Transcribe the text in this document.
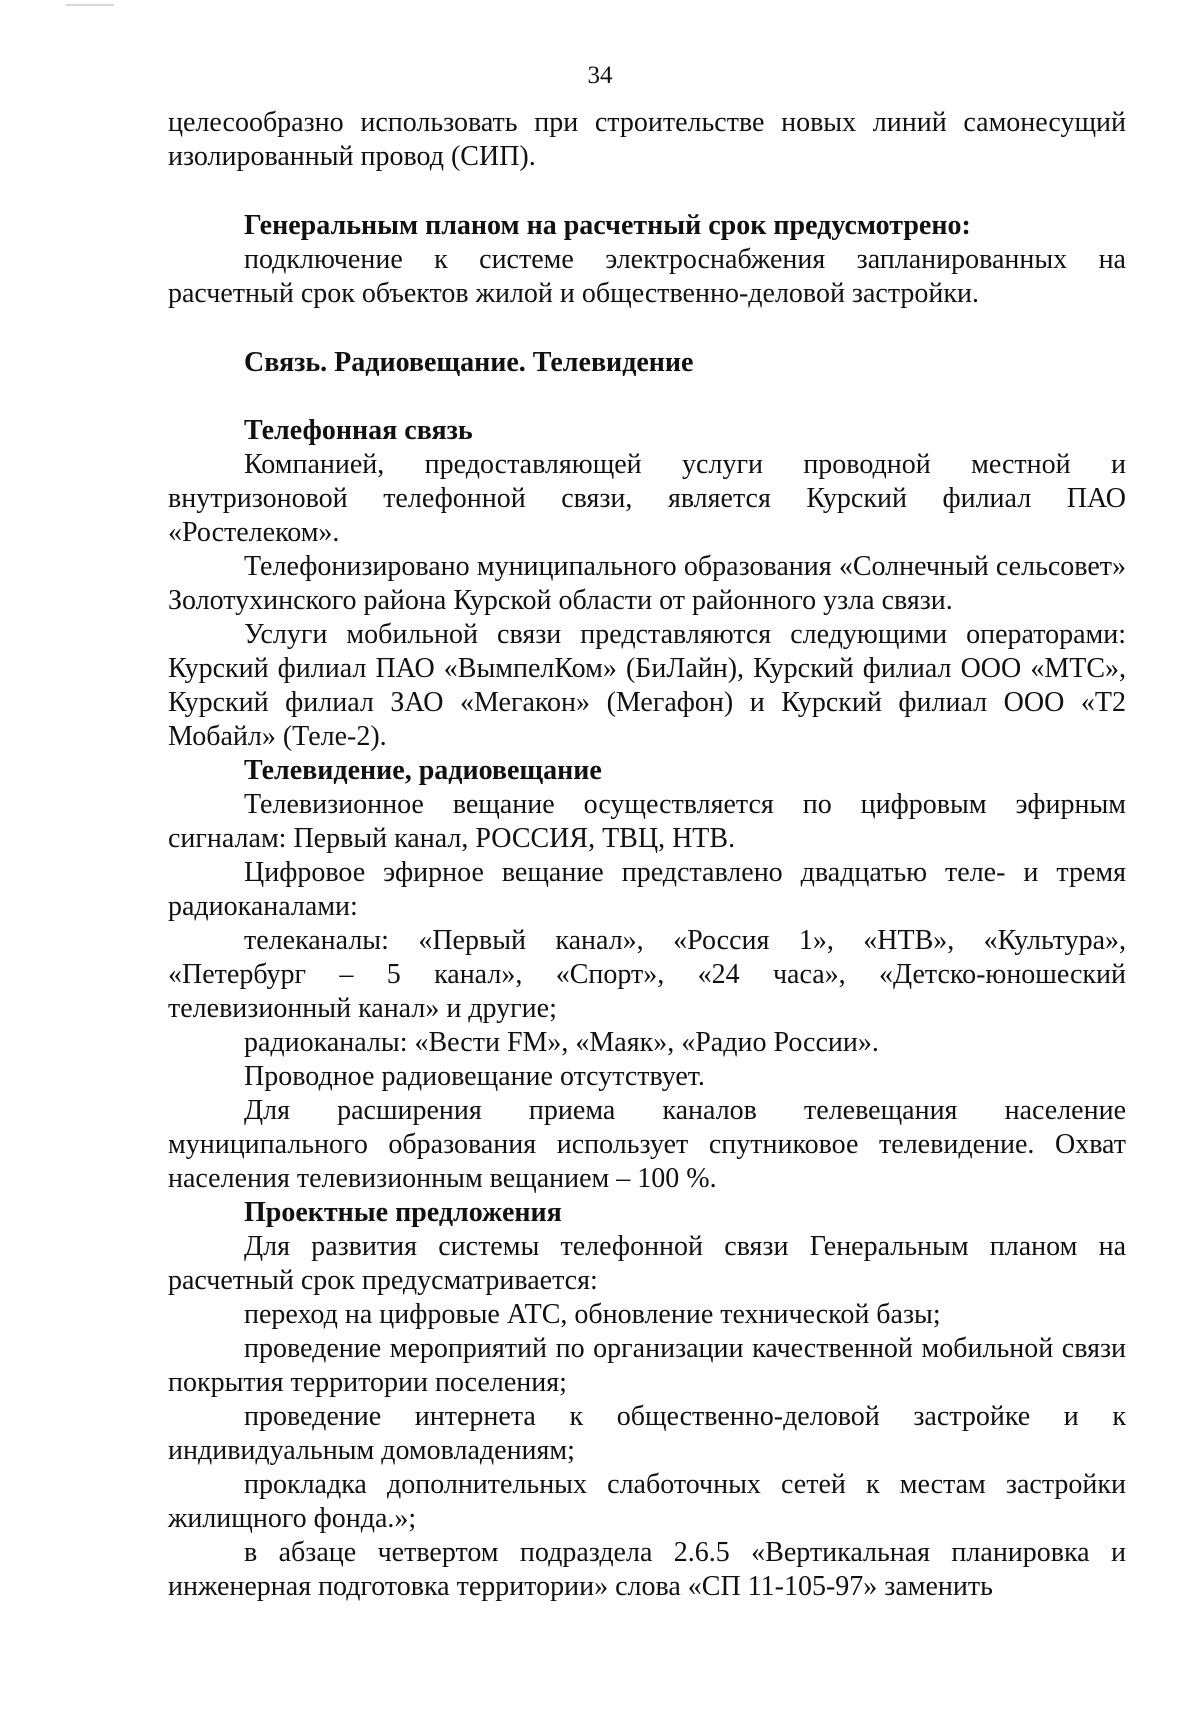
34

целесообразно использовать при строительстве новых линий самонесущий изолированный провод (СИП).

Генеральным планом на расчетный срок предусмотрено:

подключение к системе электроснабжения запланированных на расчетный срок объектов жилой и общественно-деловой застройки.

Связь. Радиовещание. Телевидение

Телефонная связь

Компанией, предоставляющей услуги проводной местной и внутризоновой телефонной связи, является Курский филиал ПАО «Ростелеком».

Телефонизировано муниципального образования «Солнечный сельсовет» Золотухинского района Курской области от районного узла связи.

Услуги мобильной связи представляются следующими операторами: Курский филиал ПАО «ВымпелКом» (БиЛайн), Курский филиал ООО «МТС», Курский филиал ЗАО «Мегакон» (Мегафон) и Курский филиал ООО «Т2 Мобайл» (Теле-2).

Телевидение, радиовещание

Телевизионное вещание осуществляется по цифровым эфирным сигналам: Первый канал, РОССИЯ, ТВЦ, НТВ.

Цифровое эфирное вещание представлено двадцатью теле- и тремя радиоканалами:

телеканалы: «Первый канал», «Россия 1», «НТВ», «Культура», «Петербург – 5 канал», «Спорт», «24 часа», «Детско-юношеский телевизионный канал» и другие;

радиоканалы: «Вести FM», «Маяк», «Радио России».

Проводное радиовещание отсутствует.

Для расширения приема каналов телевещания население муниципального образования использует спутниковое телевидение. Охват населения телевизионным вещанием – 100 %.

Проектные предложения

Для развития системы телефонной связи Генеральным планом на расчетный срок предусматривается:

переход на цифровые АТС, обновление технической базы;

проведение мероприятий по организации качественной мобильной связи покрытия территории поселения;

проведение интернета к общественно-деловой застройке и к индивидуальным домовладениям;

прокладка дополнительных слаботочных сетей к местам застройки жилищного фонда.»;

в абзаце четвертом подраздела 2.6.5 «Вертикальная планировка и инженерная подготовка территории» слова «СП 11-105-97» заменить
